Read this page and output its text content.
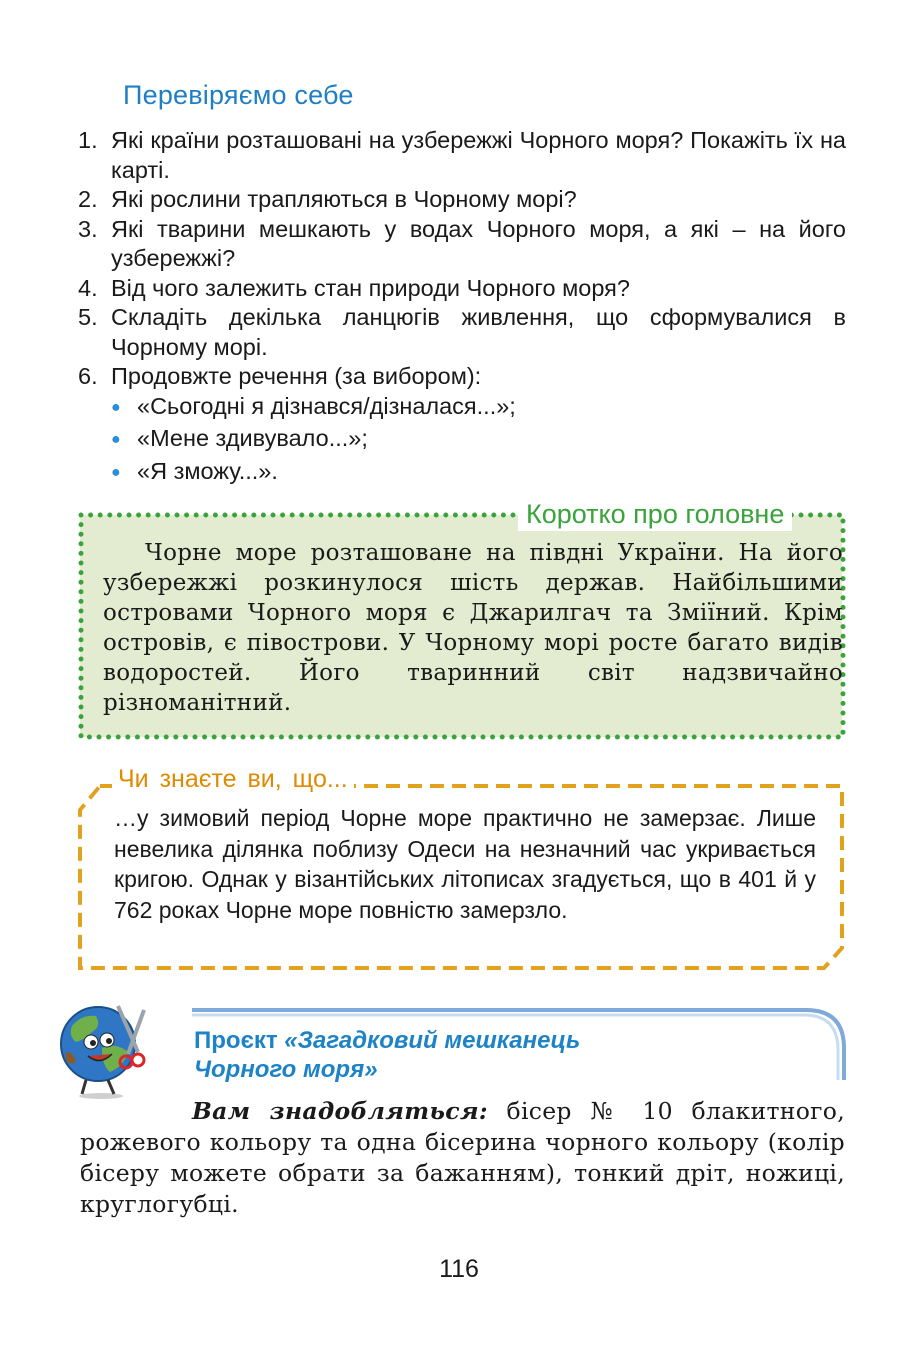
Перевіряємо себе
1. Які країни розташовані на узбережжі Чорного моря? Покажіть їх на карті.
2. Які рослини трапляються в Чорному морі?
3. Які тварини мешкають у водах Чорного моря, а які – на його узбережжі?
4. Від чого залежить стан природи Чорного моря?
5. Складіть декілька ланцюгів живлення, що сформувалися в Чорному морі.
6. Продовжте речення (за вибором):
● «Сьогодні я дізнався/дізналася...»;
● «Мене здивувало...»;
● «Я зможу...».
Коротко про головне
Чорне море розташоване на півдні України. На його узбережжі розкинулося шість держав. Найбільшими островами Чорного моря є Джарилгач та Зміїний. Крім островів, є півострови. У Чорному морі росте багато видів водоростей. Його тваринний світ надзвичайно різноманітний.
Чи знаєте ви, що...
…у зимовий період Чорне море практично не замерзає. Лише невелика ділянка поблизу Одеси на незначний час укривається кригою. Однак у візантійських літописах згадується, що в 401 й у 762 роках Чорне море повністю замерзло.
Проєкт «Загадковий мешканець
Чорного моря»
Вам знадобляться: бісер № 10 блакитного, рожевого кольору та одна бісерина чорного кольору (колір бісеру можете обрати за бажанням), тонкий дріт, ножиці, круглогубці.
116
